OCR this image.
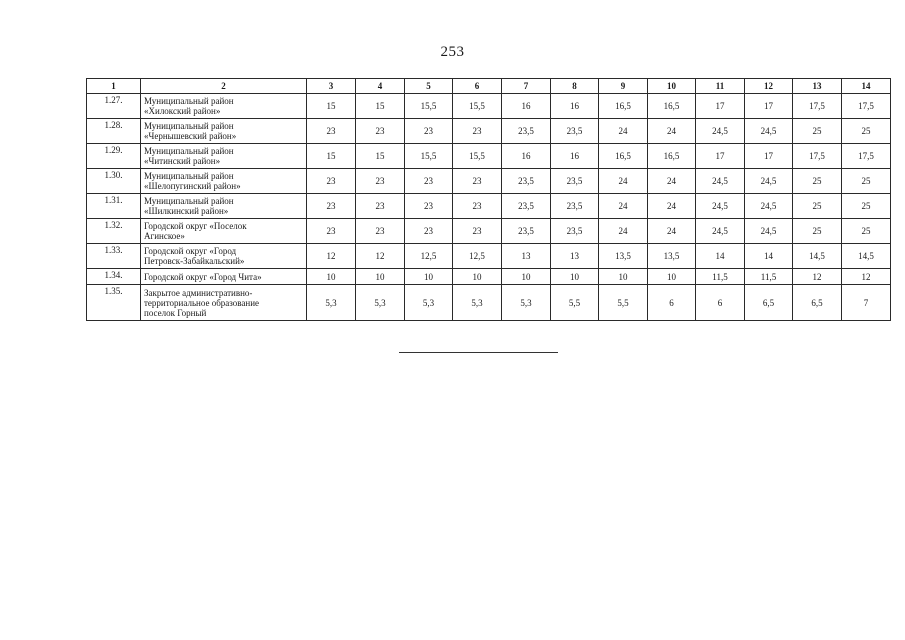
253
1	2	3	4	5	6	7	8	9	10	11	12	13	14
1.27.	Муниципальный район
«Хилокский район»	15	15	15,5	15,5	16	16	16,5	16,5	17	17	17,5	17,5
1.28.	Муниципальный район
«Чернышевский район»	23	23	23	23	23,5	23,5	24	24	24,5	24,5	25	25
1.29.	Муниципальный район
«Читинский район»	15	15	15,5	15,5	16	16	16,5	16,5	17	17	17,5	17,5
1.30.	Муниципальный район
«Шелопугинский район»	23	23	23	23	23,5	23,5	24	24	24,5	24,5	25	25
1.31.	Муниципальный район
«Шилкинский район»	23	23	23	23	23,5	23,5	24	24	24,5	24,5	25	25
1.32.	Городской округ «Поселок
Агинское»	23	23	23	23	23,5	23,5	24	24	24,5	24,5	25	25
1.33.	Городской округ «Город
Петровск-Забайкальский»	12	12	12,5	12,5	13	13	13,5	13,5	14	14	14,5	14,5
1.34.	Городской округ «Город Чита»	10	10	10	10	10	10	10	10	11,5	11,5	12	12
1.35.	Закрытое административно-
территориальное образование
поселок Горный	5,3	5,3	5,3	5,3	5,3	5,5	5,5	6	6	6,5	6,5	7
